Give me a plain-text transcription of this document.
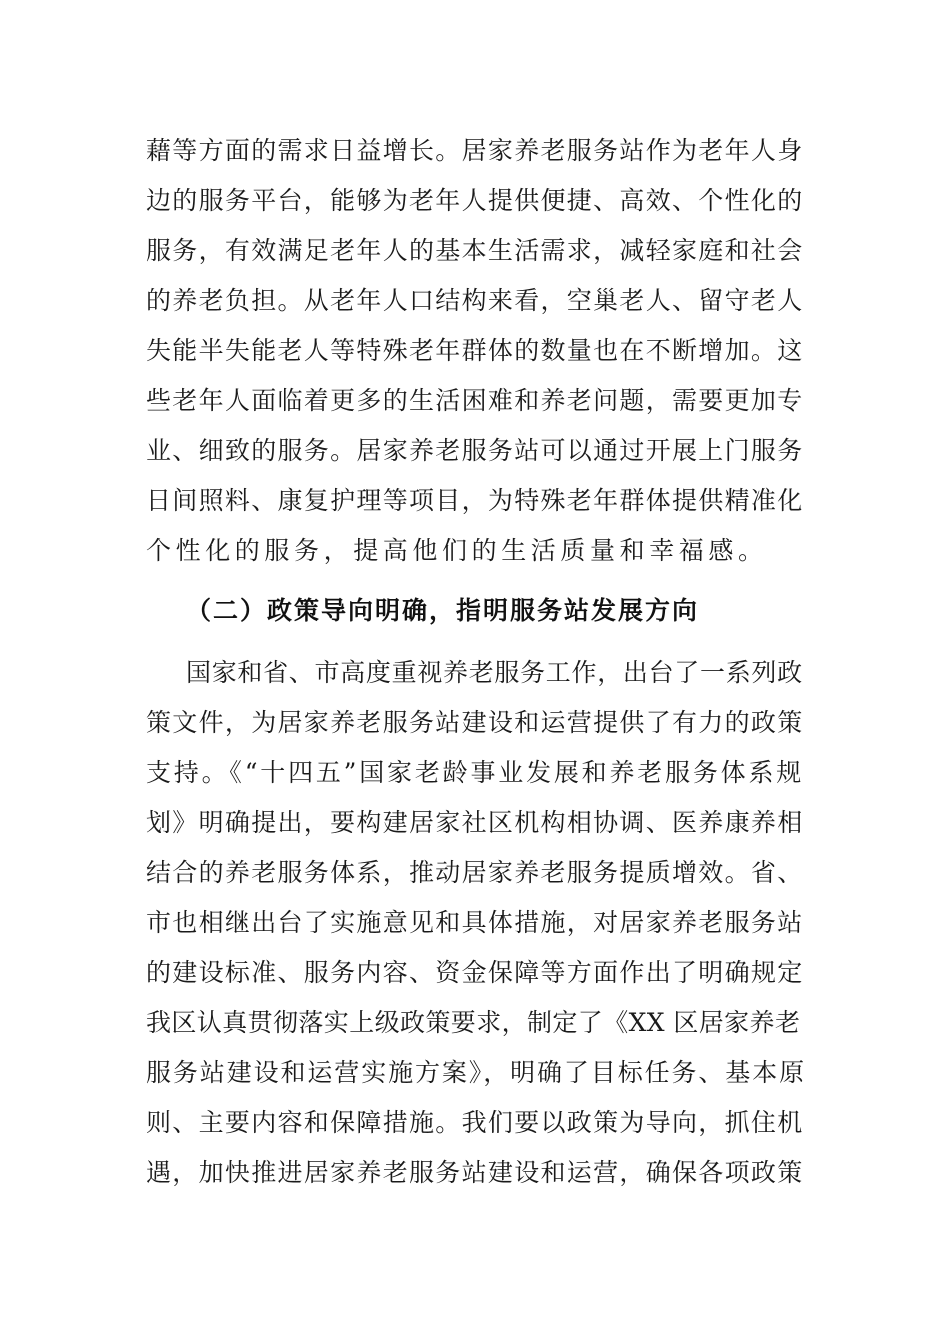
藉等方面的需求日益增长。居家养老服务站作为老年人身
边的服务平台，能够为老年人提供便捷、高效、个性化的
服务，有效满足老年人的基本生活需求，减轻家庭和社会
的养老负担。从老年人口结构来看，空巢老人、留守老人
失能半失能老人等特殊老年群体的数量也在不断增加。这
些老年人面临着更多的生活困难和养老问题，需要更加专
业、细致的服务。居家养老服务站可以通过开展上门服务
日间照料、康复护理等项目，为特殊老年群体提供精准化
个性化的服务，提高他们的生活质量和幸福感。
（二）政策导向明确，指明服务站发展方向
国家和省、市高度重视养老服务工作，出台了一系列政
策文件，为居家养老服务站建设和运营提供了有力的政策
支持。《“十四五”国家老龄事业发展和养老服务体系规
划》明确提出，要构建居家社区机构相协调、医养康养相
结合的养老服务体系，推动居家养老服务提质增效。省、
市也相继出台了实施意见和具体措施，对居家养老服务站
的建设标准、服务内容、资金保障等方面作出了明确规定
我区认真贯彻落实上级政策要求，制定了《XX 区居家养老
服务站建设和运营实施方案》，明确了目标任务、基本原
则、主要内容和保障措施。我们要以政策为导向，抓住机
遇，加快推进居家养老服务站建设和运营，确保各项政策
